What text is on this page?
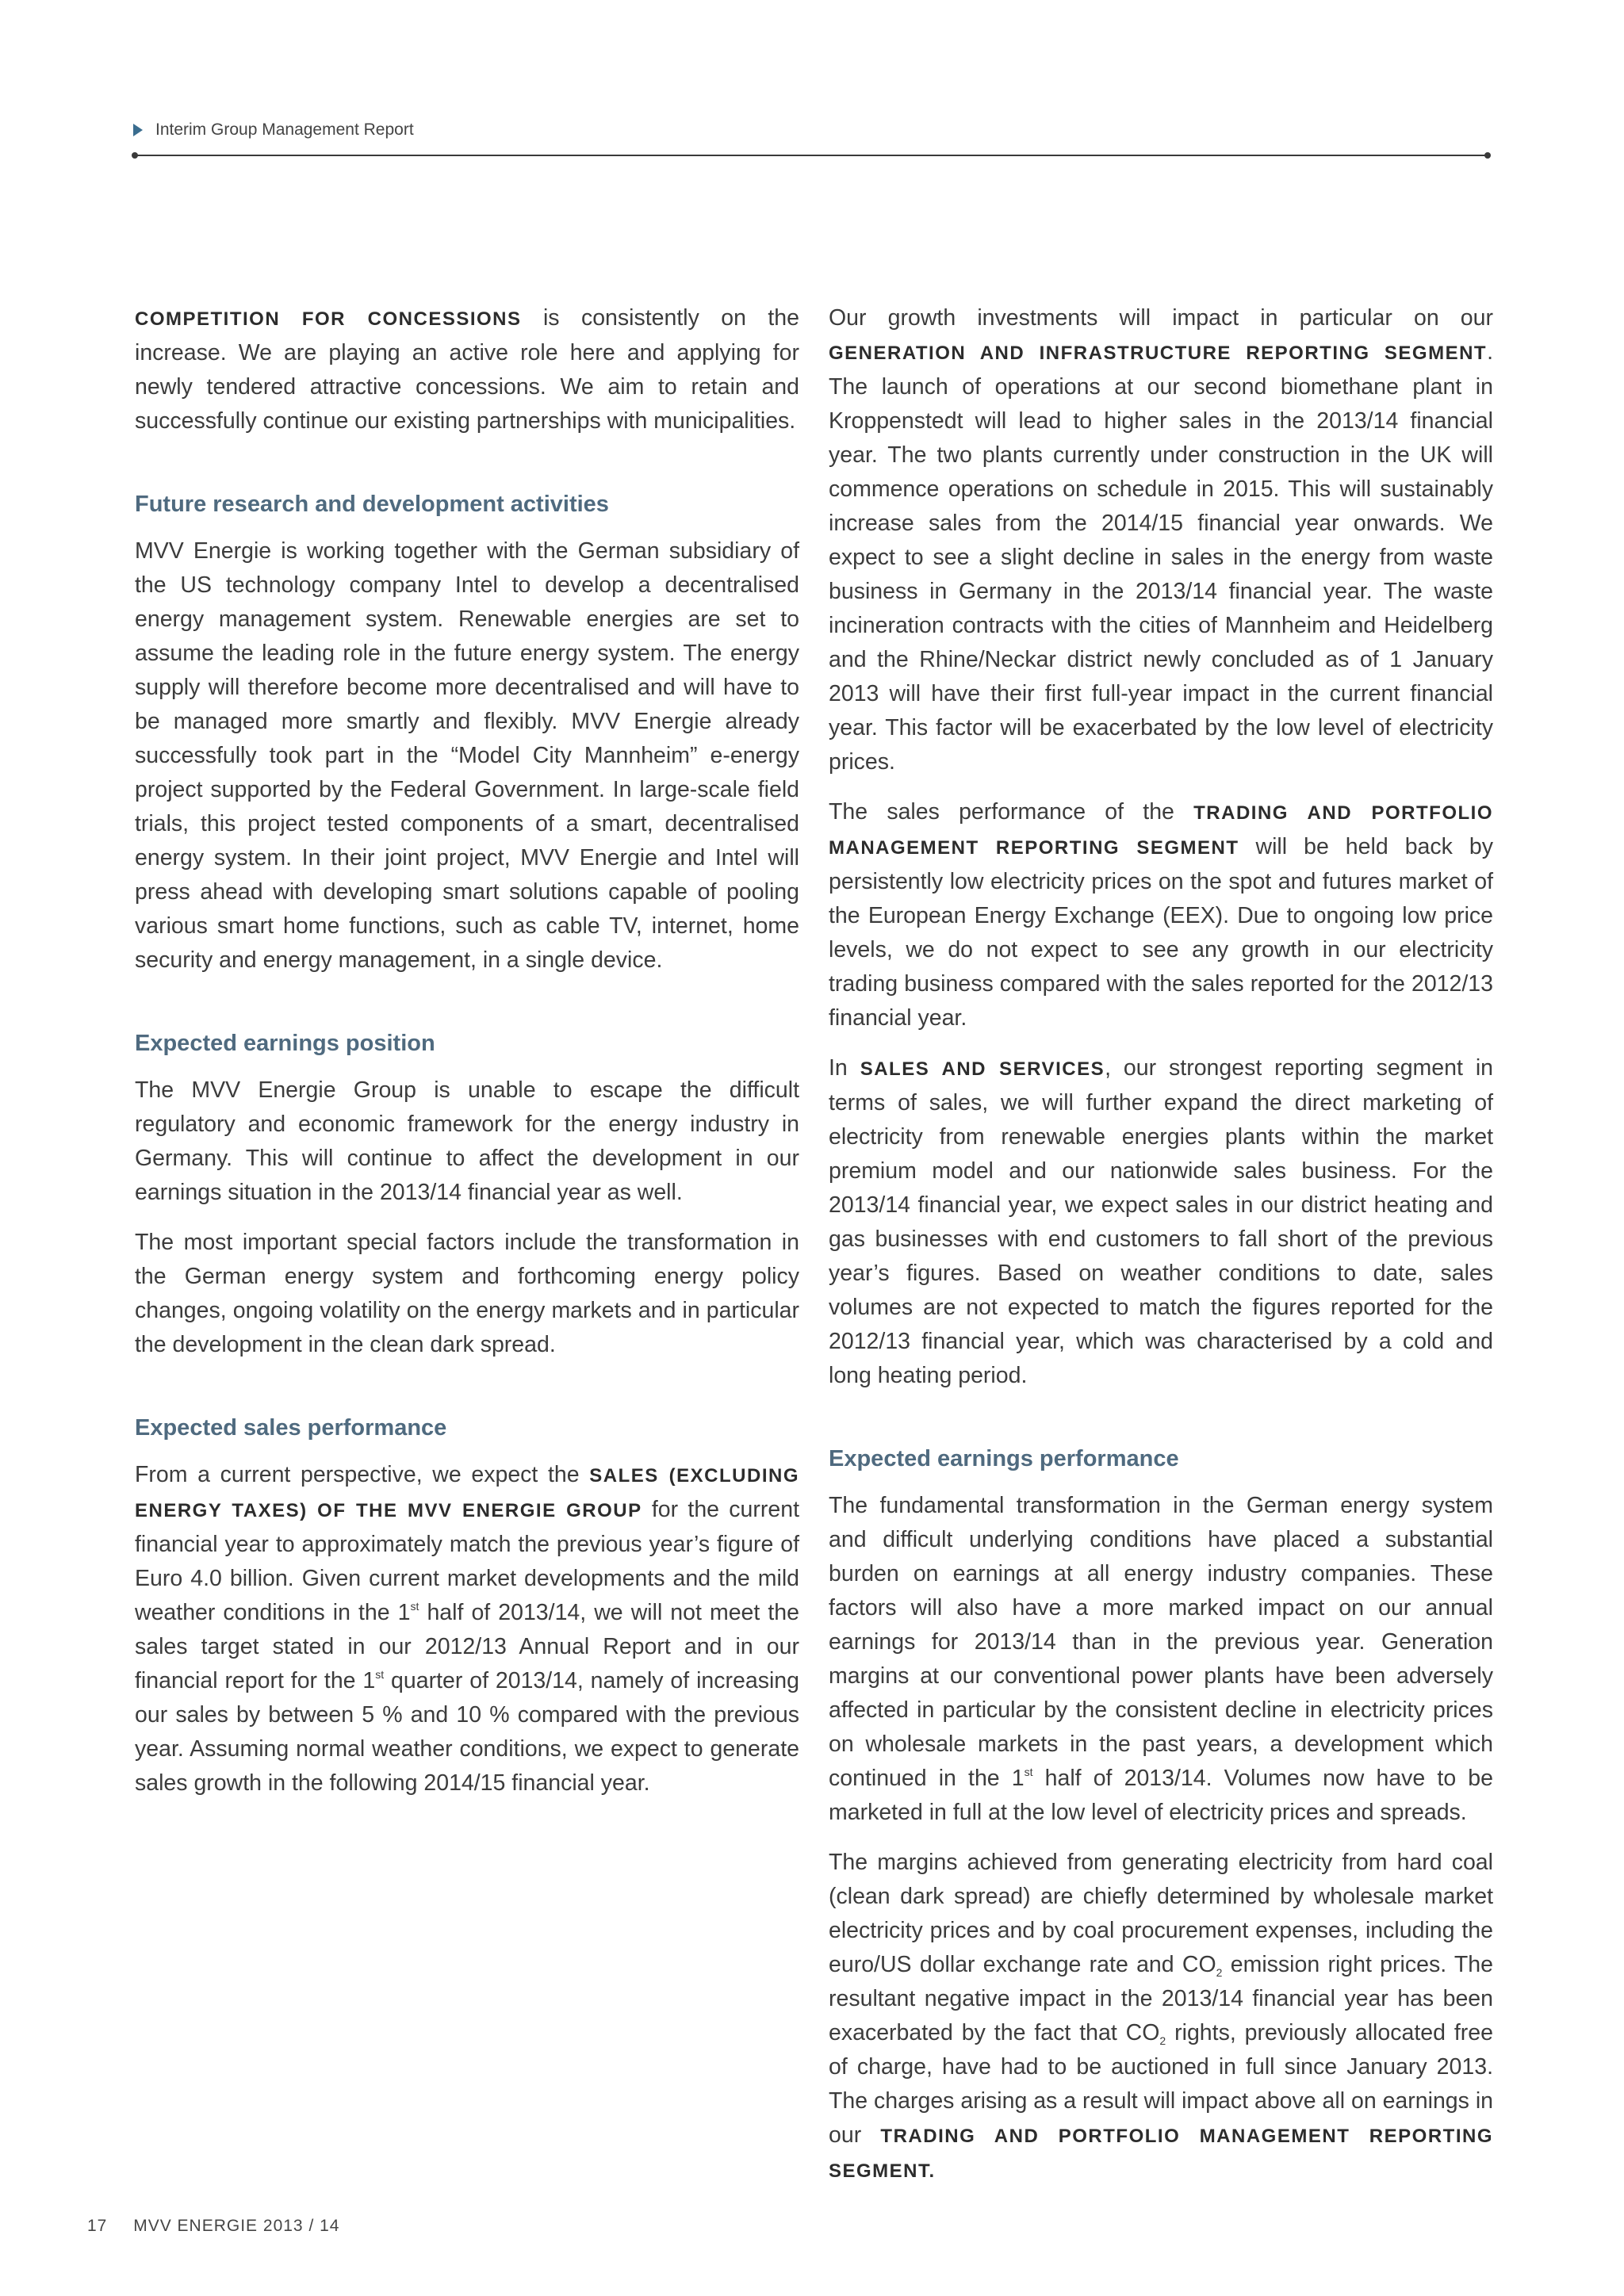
Interim Group Management Report

COMPETITION FOR CONCESSIONS is consistently on the increase. We are playing an active role here and applying for newly tendered attractive concessions. We aim to retain and successfully continue our existing partnerships with municipalities.

Future research and development activities

MVV Energie is working together with the German subsidiary of the US technology company Intel to develop a decentralised energy management system. Renewable energies are set to assume the leading role in the future energy system. The energy supply will therefore become more decentralised and will have to be managed more smartly and flexibly. MVV Energie already successfully took part in the “Model City Mannheim” e-energy project supported by the Federal Government. In large-scale field trials, this project tested components of a smart, decentralised energy system. In their joint project, MVV Energie and Intel will press ahead with developing smart solutions capable of pooling various smart home functions, such as cable TV, internet, home security and energy management, in a single device.

Expected earnings position

The MVV Energie Group is unable to escape the difficult regulatory and economic framework for the energy industry in Germany. This will continue to affect the development in our earnings situation in the 2013/14 financial year as well.

The most important special factors include the transformation in the German energy system and forthcoming energy policy changes, ongoing volatility on the energy markets and in particular the development in the clean dark spread.

Expected sales performance

From a current perspective, we expect the SALES (EXCLUDING ENERGY TAXES) OF THE MVV ENERGIE GROUP for the current financial year to approximately match the previous year’s figure of Euro 4.0 billion. Given current market developments and the mild weather conditions in the 1st half of 2013/14, we will not meet the sales target stated in our 2012/13 Annual Report and in our financial report for the 1st quarter of 2013/14, namely of increasing our sales by between 5 % and 10 % compared with the previous year. Assuming normal weather conditions, we expect to generate sales growth in the following 2014/15 financial year.

Our growth investments will impact in particular on our GENERATION AND INFRASTRUCTURE REPORTING SEGMENT. The launch of operations at our second biomethane plant in Kroppenstedt will lead to higher sales in the 2013/14 financial year. The two plants currently under construction in the UK will commence operations on schedule in 2015. This will sustainably increase sales from the 2014/15 financial year onwards. We expect to see a slight decline in sales in the energy from waste business in Germany in the 2013/14 financial year. The waste incineration contracts with the cities of Mannheim and Heidelberg and the Rhine/Neckar district newly concluded as of 1 January 2013 will have their first full-year impact in the current financial year. This factor will be exacerbated by the low level of electricity prices.

The sales performance of the TRADING AND PORTFOLIO MANAGEMENT REPORTING SEGMENT will be held back by persistently low electricity prices on the spot and futures market of the European Energy Exchange (EEX). Due to ongoing low price levels, we do not expect to see any growth in our electricity trading business compared with the sales reported for the 2012/13 financial year.

In SALES AND SERVICES, our strongest reporting segment in terms of sales, we will further expand the direct marketing of electricity from renewable energies plants within the market premium model and our nationwide sales business. For the 2013/14 financial year, we expect sales in our district heating and gas businesses with end customers to fall short of the previous year’s figures. Based on weather conditions to date, sales volumes are not expected to match the figures reported for the 2012/13 financial year, which was characterised by a cold and long heating period.

Expected earnings performance

The fundamental transformation in the German energy system and difficult underlying conditions have placed a substantial burden on earnings at all energy industry companies. These factors will also have a more marked impact on our annual earnings for 2013/14 than in the previous year. Generation margins at our conventional power plants have been adversely affected in particular by the consistent decline in electricity prices on wholesale markets in the past years, a development which continued in the 1st half of 2013/14. Volumes now have to be marketed in full at the low level of electricity prices and spreads.

The margins achieved from generating electricity from hard coal (clean dark spread) are chiefly determined by wholesale market electricity prices and by coal procurement expenses, including the euro/US dollar exchange rate and $CO_2$ emission right prices. The resultant negative impact in the 2013/14 financial year has been exacerbated by the fact that $CO_2$ rights, previously allocated free of charge, have had to be auctioned in full since January 2013. The charges arising as a result will impact above all on earnings in our TRADING AND PORTFOLIO MANAGEMENT REPORTING SEGMENT.

17 MVV ENERGIE 2013 / 14
